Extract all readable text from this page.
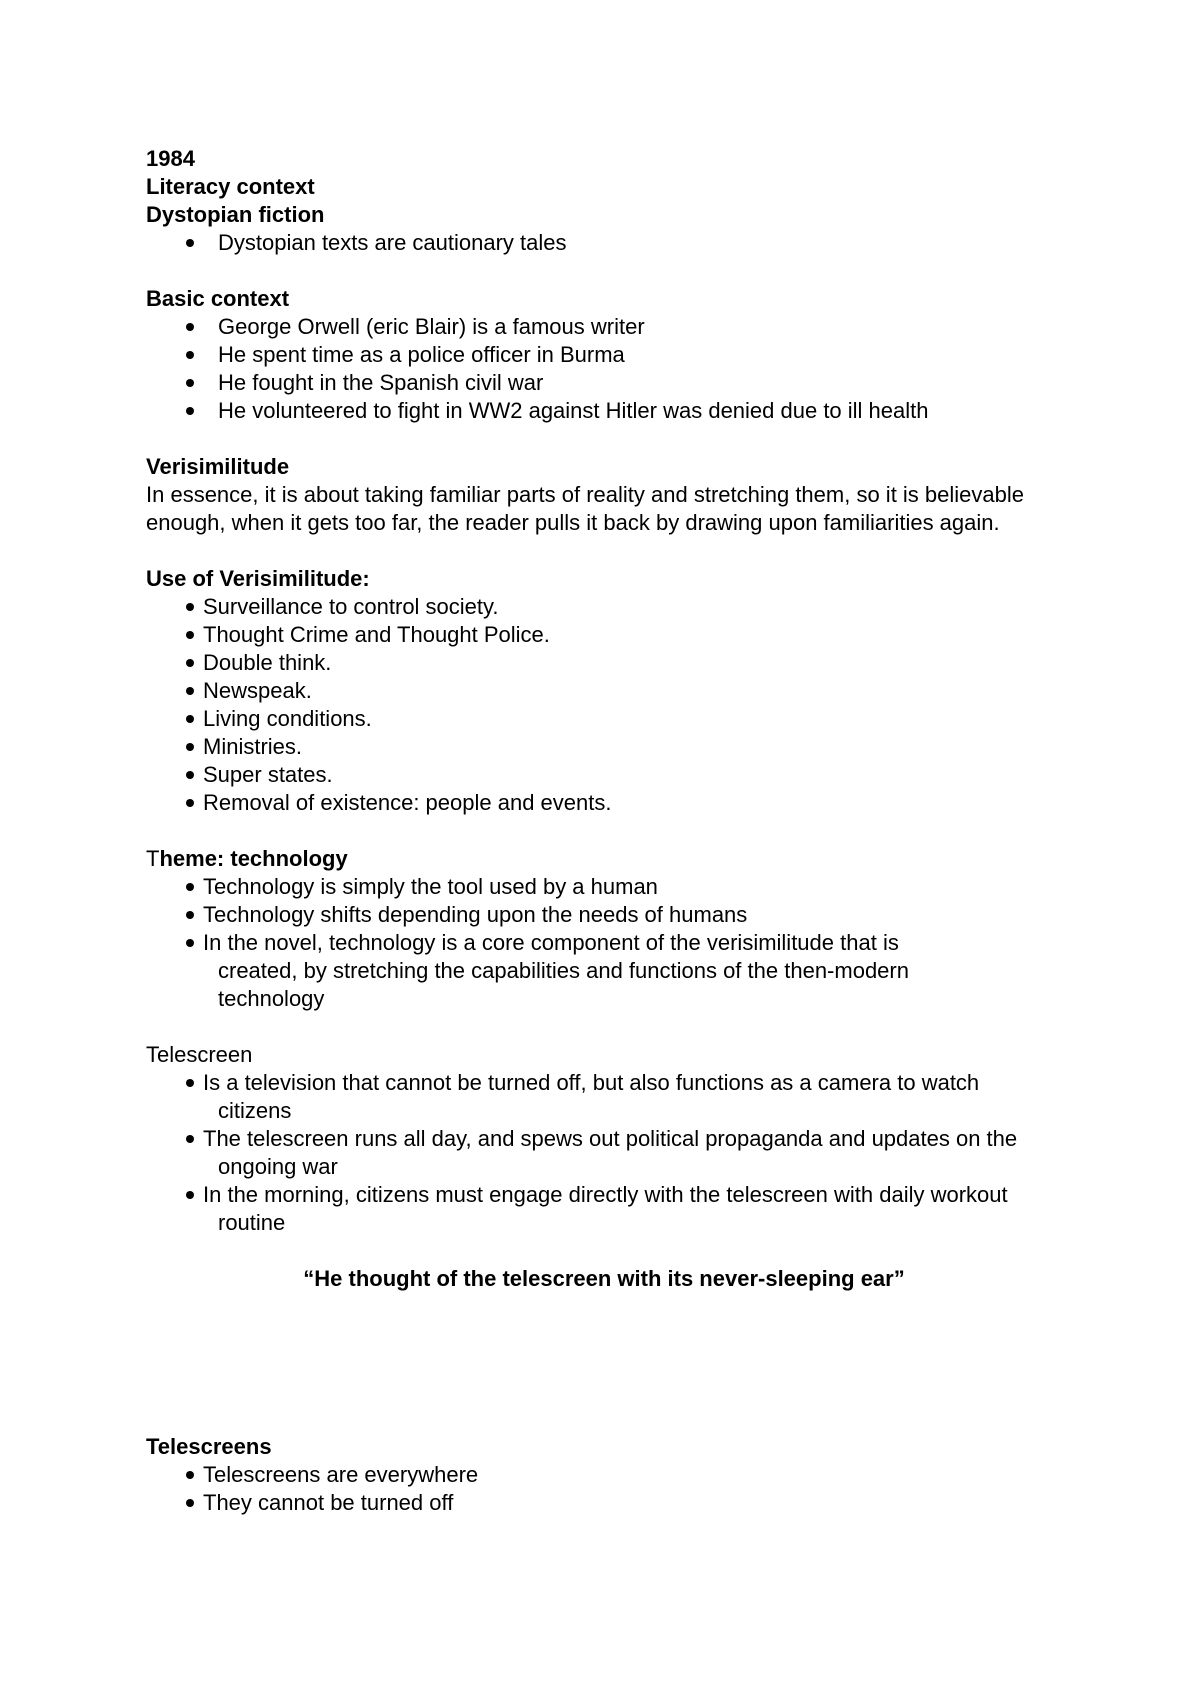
1984
Literacy context
Dystopian fiction
Dystopian texts are cautionary tales
Basic context
George Orwell (eric Blair) is a famous writer
He spent time as a police officer in Burma
He fought in the Spanish civil war
He volunteered to fight in WW2 against Hitler was denied due to ill health
Verisimilitude
In essence, it is about taking familiar parts of reality and stretching them, so it is believable enough, when it gets too far, the reader pulls it back by drawing upon familiarities again.
Use of Verisimilitude:
Surveillance to control society.
Thought Crime and Thought Police.
Double think.
Newspeak.
Living conditions.
Ministries.
Super states.
Removal of existence: people and events.
Theme: technology
Technology is simply the tool used by a human
Technology shifts depending upon the needs of humans
In the novel, technology is a core component of the verisimilitude that is created, by stretching the capabilities and functions of the then-modern technology
Telescreen
Is a television that cannot be turned off, but also functions as a camera to watch citizens
The telescreen runs all day, and spews out political propaganda and updates on the ongoing war
In the morning, citizens must engage directly with the telescreen with daily workout routine
“He thought of the telescreen with its never-sleeping ear”
Telescreens
Telescreens are everywhere
They cannot be turned off
